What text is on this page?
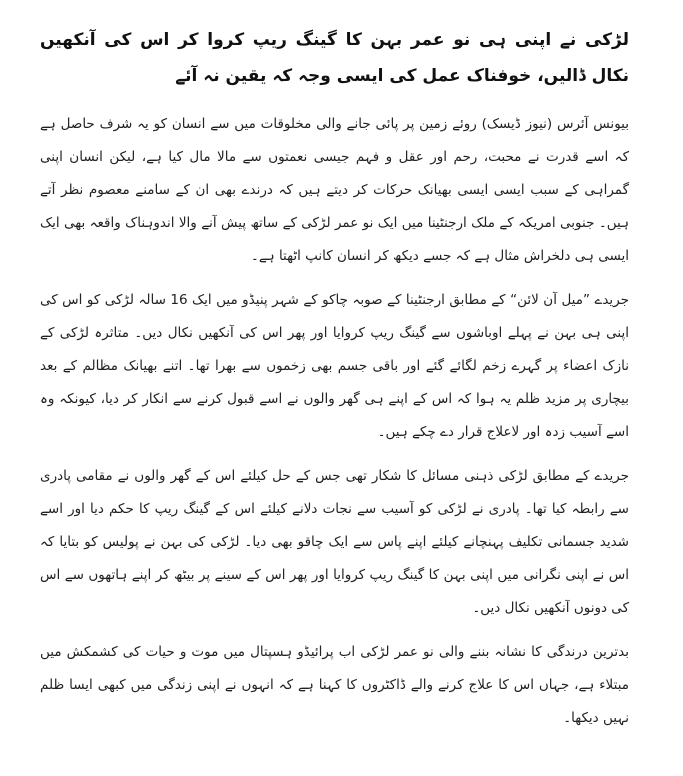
لڑکی نے اپنی ہی نو عمر بہن کا گینگ ریپ کروا کر اس کی آنکھیں نکال ڈالیں، خوفناک عمل کی ایسی وجہ کہ یقین نہ آئے

بیونس آئرس (نیوز ڈیسک) روئے زمین پر پائی جانے والی مخلوقات میں سے انسان کو یہ شرف حاصل ہے کہ اسے قدرت نے محبت، رحم اور عقل و فہم جیسی نعمتوں سے مالا مال کیا ہے، لیکن انسان اپنی گمراہی کے سبب ایسی ایسی بھیانک حرکات کر دیتے ہیں کہ درندے بھی ان کے سامنے معصوم نظر آتے ہیں۔ جنوبی امریکہ کے ملک ارجنٹینا میں ایک نو عمر لڑکی کے ساتھ پیش آنے والا اندوہناک واقعہ بھی ایک ایسی ہی دلخراش مثال ہے کہ جسے دیکھ کر انسان کانپ اٹھتا ہے۔

جریدے ”میل آن لائن“ کے مطابق ارجنٹینا کے صوبہ چاکو کے شہر پنیڈو میں ایک 16 سالہ لڑکی کو اس کی اپنی ہی بہن نے پہلے اوباشوں سے گینگ ریپ کروایا اور پھر اس کی آنکھیں نکال دیں۔ متاثرہ لڑکی کے نازک اعضاء پر گہرے زخم لگائے گئے اور باقی جسم بھی زخموں سے بھرا تھا۔ اتنے بھیانک مظالم کے بعد بیچاری پر مزید ظلم یہ ہوا کہ اس کے اپنے ہی گھر والوں نے اسے قبول کرنے سے انکار کر دیا، کیونکہ وہ اسے آسیب زدہ اور لاعلاج قرار دے چکے ہیں۔

جریدے کے مطابق لڑکی ذہنی مسائل کا شکار تھی جس کے حل کیلئے اس کے گھر والوں نے مقامی پادری سے رابطہ کیا تھا۔ پادری نے لڑکی کو آسیب سے نجات دلانے کیلئے اس کے گینگ ریپ کا حکم دیا اور اسے شدید جسمانی تکلیف پہنچانے کیلئے اپنے پاس سے ایک چاقو بھی دیا۔ لڑکی کی بہن نے پولیس کو بتایا کہ اس نے اپنی نگرانی میں اپنی بہن کا گینگ ریپ کروایا اور پھر اس کے سینے پر بیٹھ کر اپنے ہاتھوں سے اس کی دونوں آنکھیں نکال دیں۔

بدترین درندگی کا نشانہ بننے والی نو عمر لڑکی اب پرائیڈو ہسپتال میں موت و حیات کی کشمکش میں مبتلاء ہے، جہاں اس کا علاج کرنے والے ڈاکٹروں کا کہنا ہے کہ انہوں نے اپنی زندگی میں کبھی ایسا ظلم نہیں دیکھا۔
